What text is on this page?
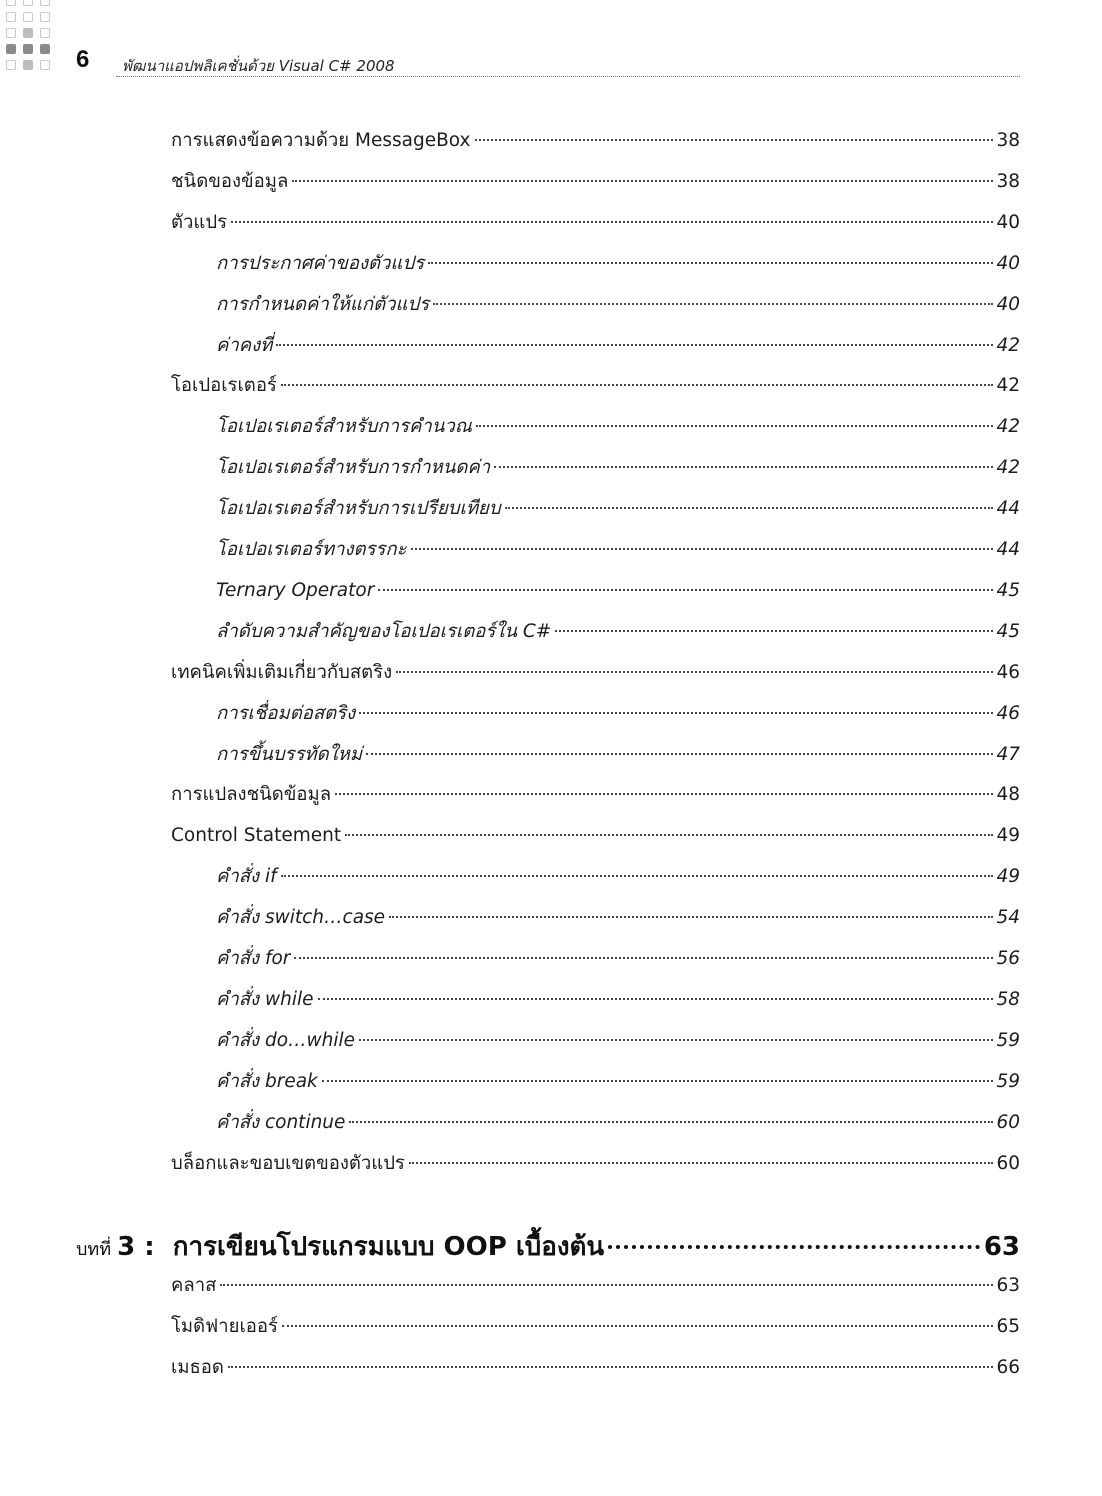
6 พัฒนาแอปพลิเคชั่นด้วย Visual C# 2008
การแสดงข้อความด้วย MessageBox	38
ชนิดของข้อมูล	38
ตัวแปร	40
การประกาศค่าของตัวแปร	40
การกำหนดค่าให้แก่ตัวแปร	40
ค่าคงที่	42
โอเปอเรเตอร์	42
โอเปอเรเตอร์สำหรับการคำนวณ	42
โอเปอเรเตอร์สำหรับการกำหนดค่า	42
โอเปอเรเตอร์สำหรับการเปรียบเทียบ	44
โอเปอเรเตอร์ทางตรรกะ	44
Ternary Operator	45
ลำดับความสำคัญของโอเปอเรเตอร์ใน C#	45
เทคนิคเพิ่มเติมเกี่ยวกับสตริง	46
การเชื่อมต่อสตริง	46
การขึ้นบรรทัดใหม่	47
การแปลงชนิดข้อมูล	48
Control Statement	49
คำสั่ง if	49
คำสั่ง switch…case	54
คำสั่ง for	56
คำสั่ง while	58
คำสั่ง do…while	59
คำสั่ง break	59
คำสั่ง continue	60
บล็อกและขอบเขตของตัวแปร	60
บทที่ 3 : การเขียนโปรแกรมแบบ OOP เบื้องต้น	63
คลาส	63
โมดิฟายเออร์	65
เมธอด	66
